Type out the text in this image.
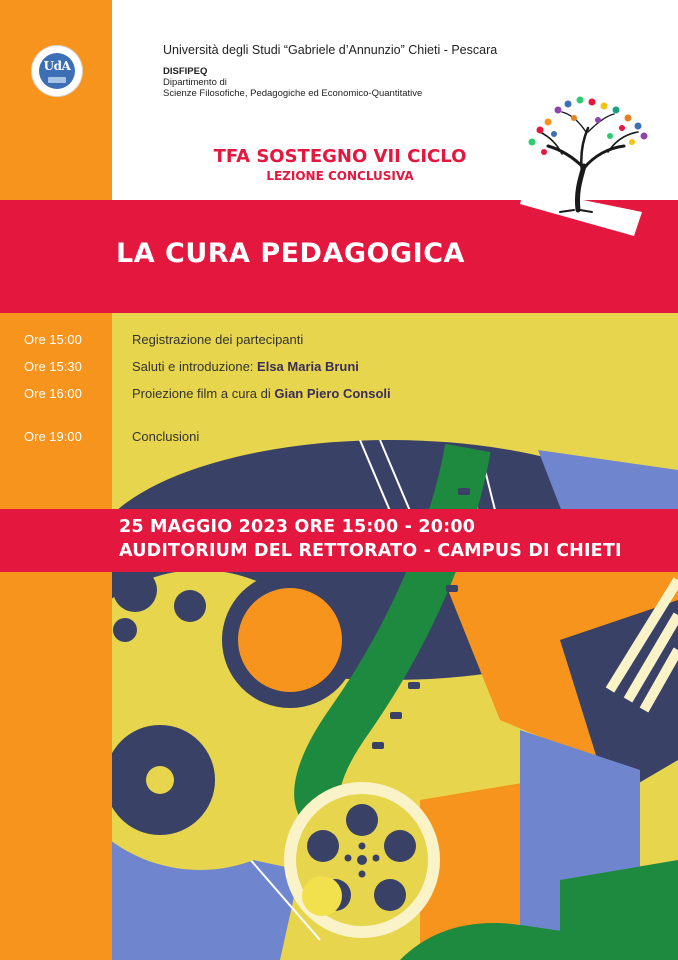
UdA
Università degli Studi “Gabriele d’Annunzio” Chieti - Pescara
DISFIPEQ
Dipartimento di
Scienze Filosofiche, Pedagogiche ed Economico-Quantitative
TFA SOSTEGNO VII CICLO
LEZIONE CONCLUSIVA
LA CURA PEDAGOGICA
Ore 15:00	Registrazione dei partecipanti
Ore 15:30	Saluti e introduzione: Elsa Maria Bruni
Ore 16:00	Proiezione film a cura di Gian Piero Consoli
Ore 19:00	Conclusioni
25 MAGGIO 2023 ORE 15:00 - 20:00
AUDITORIUM DEL RETTORATO - CAMPUS DI CHIETI
